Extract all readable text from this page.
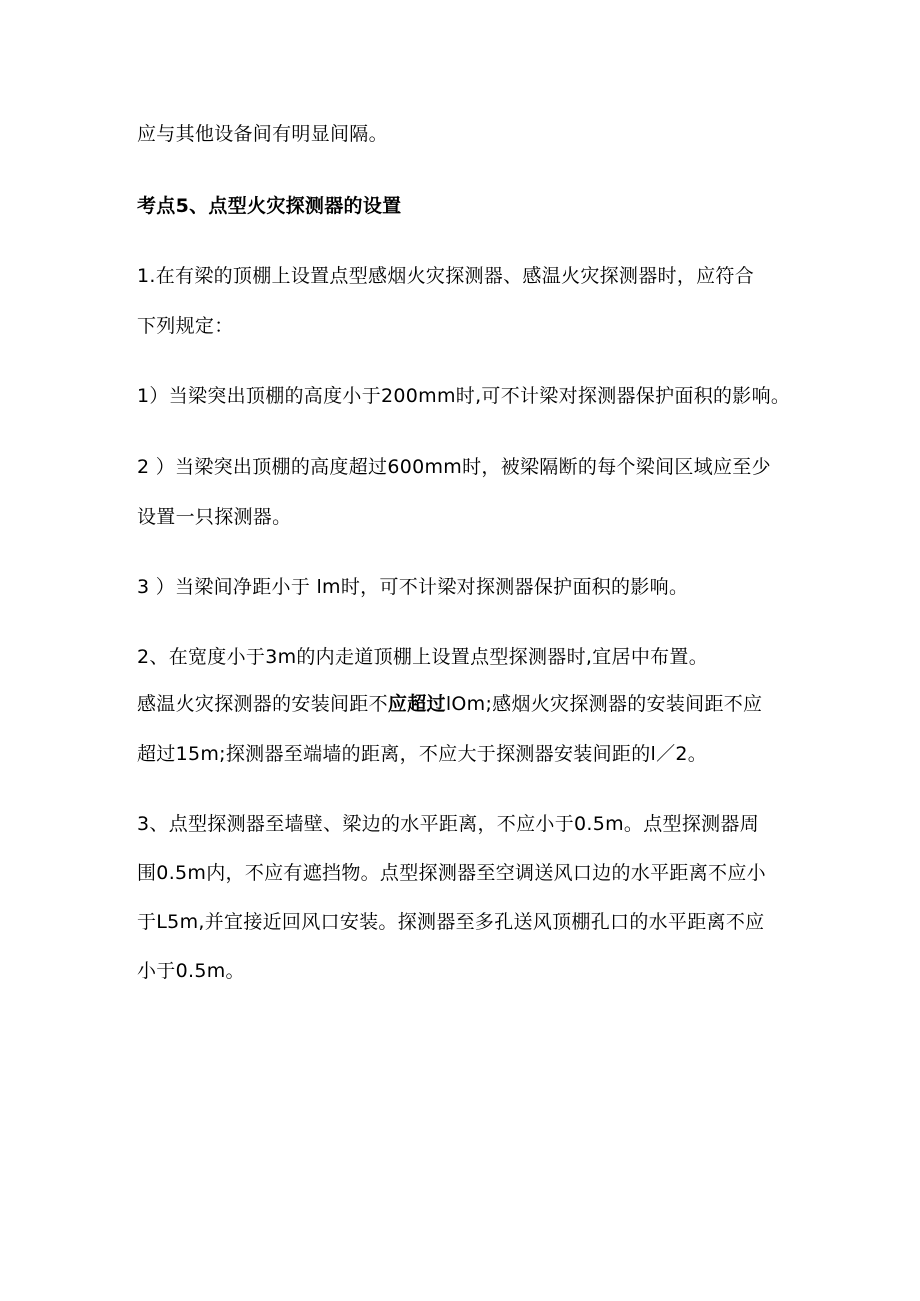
应与其他设备间有明显间隔。
考点5、点型火灾探测器的设置
1.在有梁的顶棚上设置点型感烟火灾探测器、感温火灾探测器时，应符合
下列规定：
1）当梁突出顶棚的高度小于200mm时,可不计梁对探测器保护面积的影响。
2 ）当梁突出顶棚的高度超过600mm时，被梁隔断的每个梁间区域应至少
设置一只探测器。
3 ）当梁间净距小于 lm时，可不计梁对探测器保护面积的影响。
2、在宽度小于3m的内走道顶棚上设置点型探测器时,宜居中布置。
感温火灾探测器的安装间距不应超过lOm;感烟火灾探测器的安装间距不应
超过15m;探测器至端墙的距离，不应大于探测器安装间距的l／2。
3、点型探测器至墙壁、梁边的水平距离，不应小于0.5m。点型探测器周
围0.5m内，不应有遮挡物。点型探测器至空调送风口边的水平距离不应小
于L5m,并宜接近回风口安装。探测器至多孔送风顶棚孔口的水平距离不应
小于0.5m。
